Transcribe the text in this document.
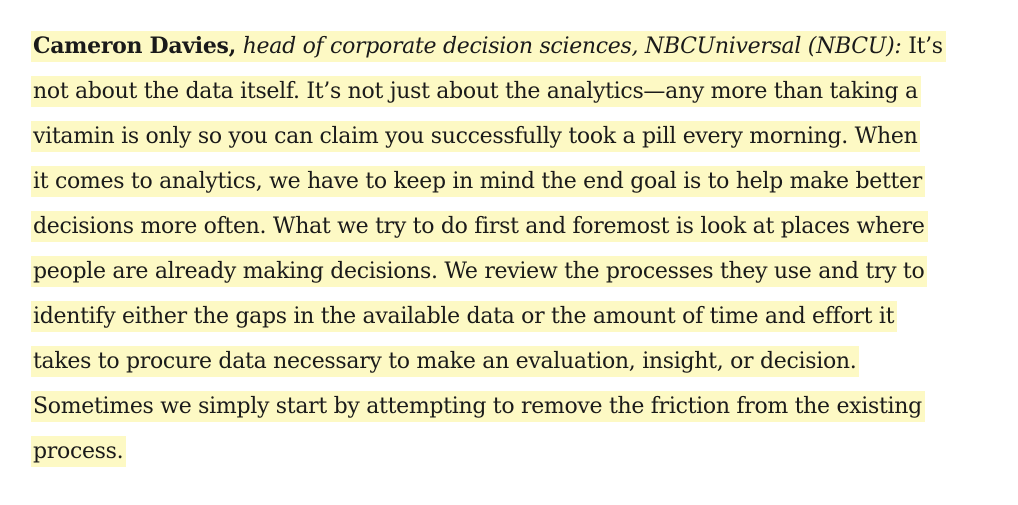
Cameron Davies, head of corporate decision sciences, NBCUniversal (NBCU): It’s
not about the data itself. It’s not just about the analytics—any more than taking a
vitamin is only so you can claim you successfully took a pill every morning. When
it comes to analytics, we have to keep in mind the end goal is to help make better
decisions more often. What we try to do first and foremost is look at places where
people are already making decisions. We review the processes they use and try to
identify either the gaps in the available data or the amount of time and effort it
takes to procure data necessary to make an evaluation, insight, or decision.
Sometimes we simply start by attempting to remove the friction from the existing
process.
